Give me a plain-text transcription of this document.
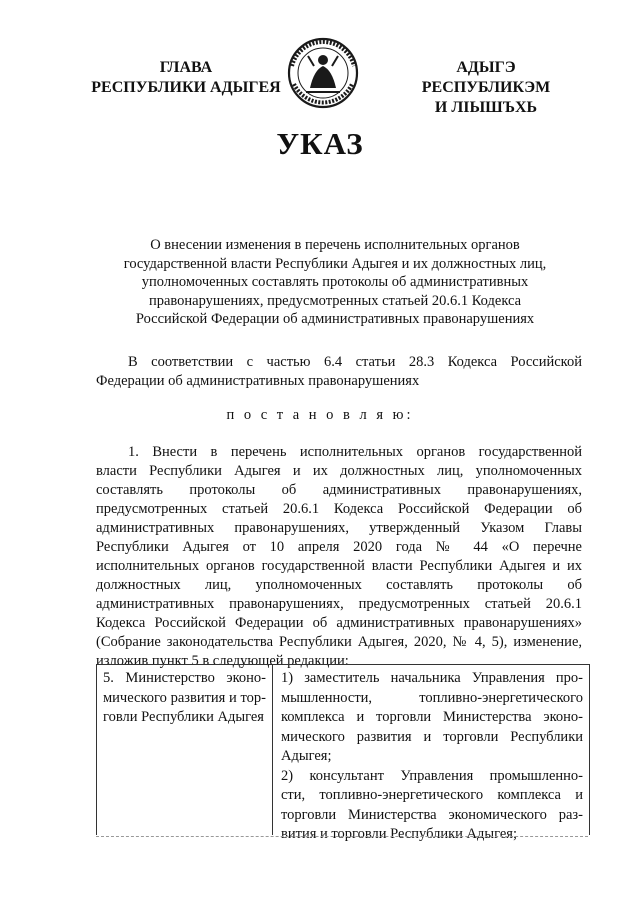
ГЛАВА
РЕСПУБЛИКИ АДЫГЕЯ
АДЫГЭ РЕСПУБЛИКЭМ
И ЛІЫШЪХЬ
УКАЗ
О внесении изменения в перечень исполнительных органов
государственной власти Республики Адыгея и их должностных лиц,
уполномоченных составлять протоколы об административных
правонарушениях, предусмотренных статьей 20.6.1 Кодекса
Российской Федерации об административных правонарушениях
В соответствии с частью 6.4 статьи 28.3 Кодекса Российской
Федерации об административных правонарушениях
п о с т а н о в л я ю:
1. Внести в перечень исполнительных органов государственной
власти Республики Адыгея и их должностных лиц, уполномоченных
составлять протоколы об административных правонарушениях,
предусмотренных статьей 20.6.1 Кодекса Российской Федерации об
административных правонарушениях, утвержденный Указом Главы
Республики Адыгея от 10 апреля 2020 года № 44 «О перечне
исполнительных органов государственной власти Республики Адыгея и их
должностных лиц, уполномоченных составлять протоколы об
административных правонарушениях, предусмотренных статьей 20.6.1
Кодекса Российской Федерации об административных правонарушениях»
(Собрание законодательства Республики Адыгея, 2020, № 4, 5), изменение,
изложив пункт 5 в следующей редакции:
5. Министерство эконо-
мического развития и тор-
говли Республики Адыгея
1) заместитель начальника Управления про-
мышленности, топливно-энергетического
комплекса и торговли Министерства эконо-
мического развития и торговли Республики
Адыгея;
2) консультант Управления промышленно-
сти, топливно-энергетического комплекса и
торговли Министерства экономического раз-
вития и торговли Республики Адыгея;
